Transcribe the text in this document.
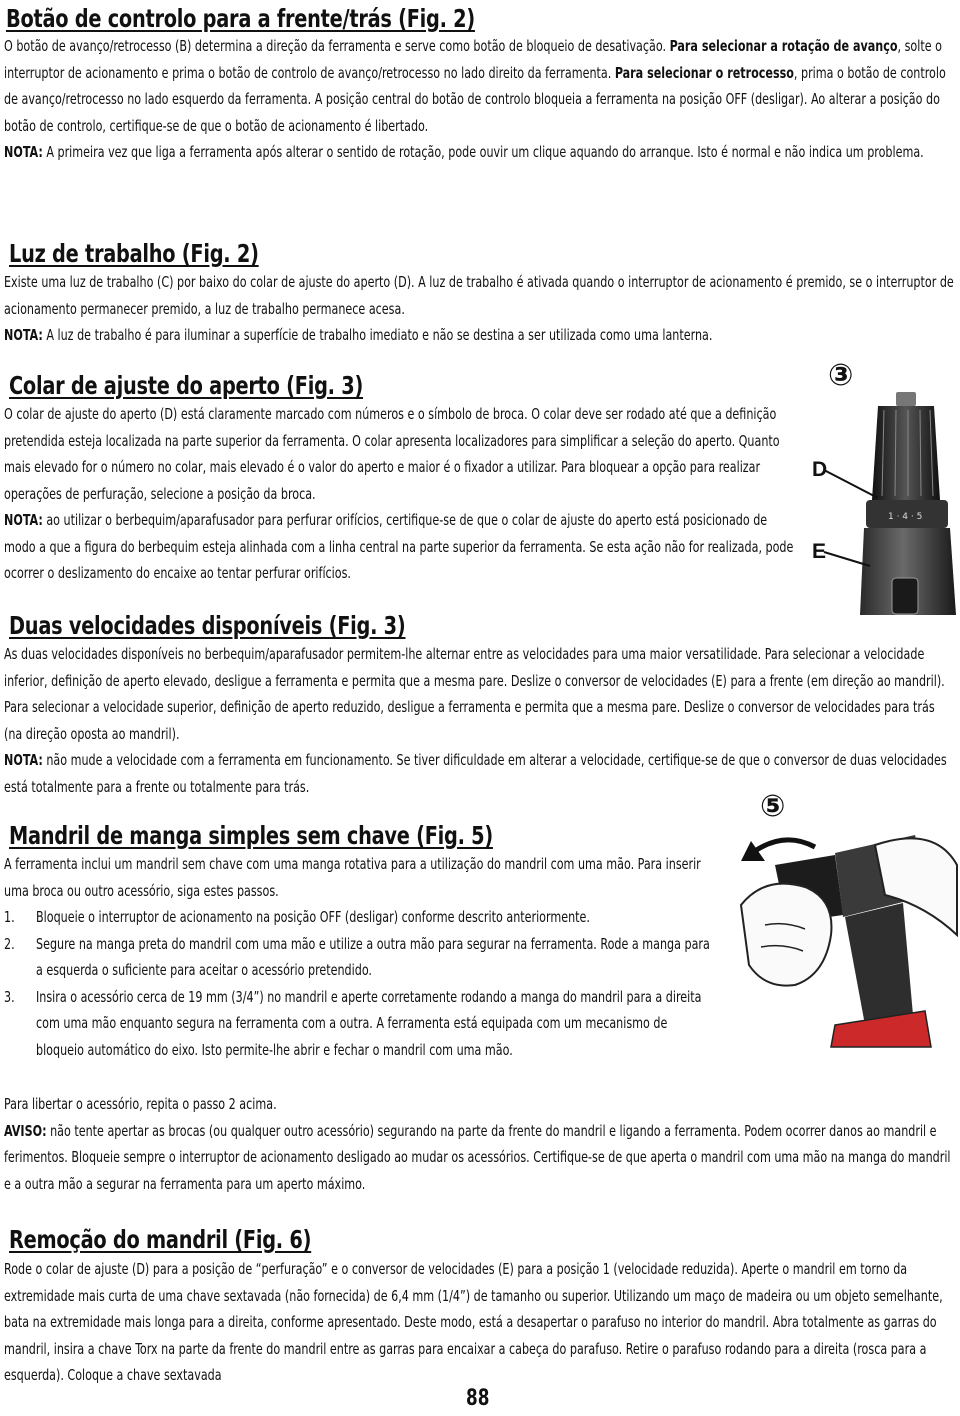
Botão de controlo para a frente/trás (Fig. 2)

O botão de avanço/retrocesso (B) determina a direção da ferramenta e serve como botão de bloqueio de desativação. Para selecionar a rotação de avanço, solte o interruptor de acionamento e prima o botão de controlo de avanço/retrocesso no lado direito da ferramenta. Para selecionar o retrocesso, prima o botão de controlo de avanço/retrocesso no lado esquerdo da ferramenta. A posição central do botão de controlo bloqueia a ferramenta na posição OFF (desligar). Ao alterar a posição do botão de controlo, certifique-se de que o botão de acionamento é libertado.

NOTA: A primeira vez que liga a ferramenta após alterar o sentido de rotação, pode ouvir um clique aquando do arranque. Isto é normal e não indica um problema.

Luz de trabalho (Fig. 2)

Existe uma luz de trabalho (C) por baixo do colar de ajuste do aperto (D). A luz de trabalho é ativada quando o interruptor de acionamento é premido, se o interruptor de acionamento permanecer premido, a luz de trabalho permanece acesa.

NOTA: A luz de trabalho é para iluminar a superfície de trabalho imediato e não se destina a ser utilizada como uma lanterna.

Colar de ajuste do aperto (Fig. 3)

O colar de ajuste do aperto (D) está claramente marcado com números e o símbolo de broca. O colar deve ser rodado até que a definição pretendida esteja localizada na parte superior da ferramenta. O colar apresenta localizadores para simplificar a seleção do aperto. Quanto mais elevado for o número no colar, mais elevado é o valor do aperto e maior é o fixador a utilizar. Para bloquear a opção para realizar operações de perfuração, selecione a posição da broca.

NOTA: ao utilizar o berbequim/aparafusador para perfurar orifícios, certifique-se de que o colar de ajuste do aperto está posicionado de modo a que a figura do berbequim esteja alinhada com a linha central na parte superior da ferramenta. Se esta ação não for realizada, pode ocorrer o deslizamento do encaixe ao tentar perfurar orifícios.

③
D
E
1 · 4 · 5
Duas velocidades disponíveis (Fig. 3)

As duas velocidades disponíveis no berbequim/aparafusador permitem-lhe alternar entre as velocidades para uma maior versatilidade. Para selecionar a velocidade inferior, definição de aperto elevado, desligue a ferramenta e permita que a mesma pare. Deslize o conversor de velocidades (E) para a frente (em direção ao mandril). Para selecionar a velocidade superior, definição de aperto reduzido, desligue a ferramenta e permita que a mesma pare. Deslize o conversor de velocidades para trás (na direção oposta ao mandril).

NOTA: não mude a velocidade com a ferramenta em funcionamento. Se tiver dificuldade em alterar a velocidade, certifique-se de que o conversor de duas velocidades está totalmente para a frente ou totalmente para trás.

Mandril de manga simples sem chave (Fig. 5)

A ferramenta inclui um mandril sem chave com uma manga rotativa para a utilização do mandril com uma mão. Para inserir uma broca ou outro acessório, siga estes passos.

1. Bloqueie o interruptor de acionamento na posição OFF (desligar) conforme descrito anteriormente.
2. Segure na manga preta do mandril com uma mão e utilize a outra mão para segurar na ferramenta. Rode a manga para a esquerda o suficiente para aceitar o acessório pretendido.
3. Insira o acessório cerca de 19 mm (3/4”) no mandril e aperte corretamente rodando a manga do mandril para a direita com uma mão enquanto segura na ferramenta com a outra. A ferramenta está equipada com um mecanismo de bloqueio automático do eixo. Isto permite-lhe abrir e fechar o mandril com uma mão.

Para libertar o acessório, repita o passo 2 acima.

AVISO: não tente apertar as brocas (ou qualquer outro acessório) segurando na parte da frente do mandril e ligando a ferramenta. Podem ocorrer danos ao mandril e ferimentos. Bloqueie sempre o interruptor de acionamento desligado ao mudar os acessórios. Certifique-se de que aperta o mandril com uma mão na manga do mandril e a outra mão a segurar na ferramenta para um aperto máximo.

⑤
Remoção do mandril (Fig. 6)

Rode o colar de ajuste (D) para a posição de “perfuração” e o conversor de velocidades (E) para a posição 1 (velocidade reduzida). Aperte o mandril em torno da extremidade mais curta de uma chave sextavada (não fornecida) de 6,4 mm (1/4”) de tamanho ou superior. Utilizando um maço de madeira ou um objeto semelhante, bata na extremidade mais longa para a direita, conforme apresentado. Deste modo, está a desapertar o parafuso no interior do mandril. Abra totalmente as garras do mandril, insira a chave Torx na parte da frente do mandril entre as garras para encaixar a cabeça do parafuso. Retire o parafuso rodando para a direita (rosca para a esquerda). Coloque a chave sextavada

88
